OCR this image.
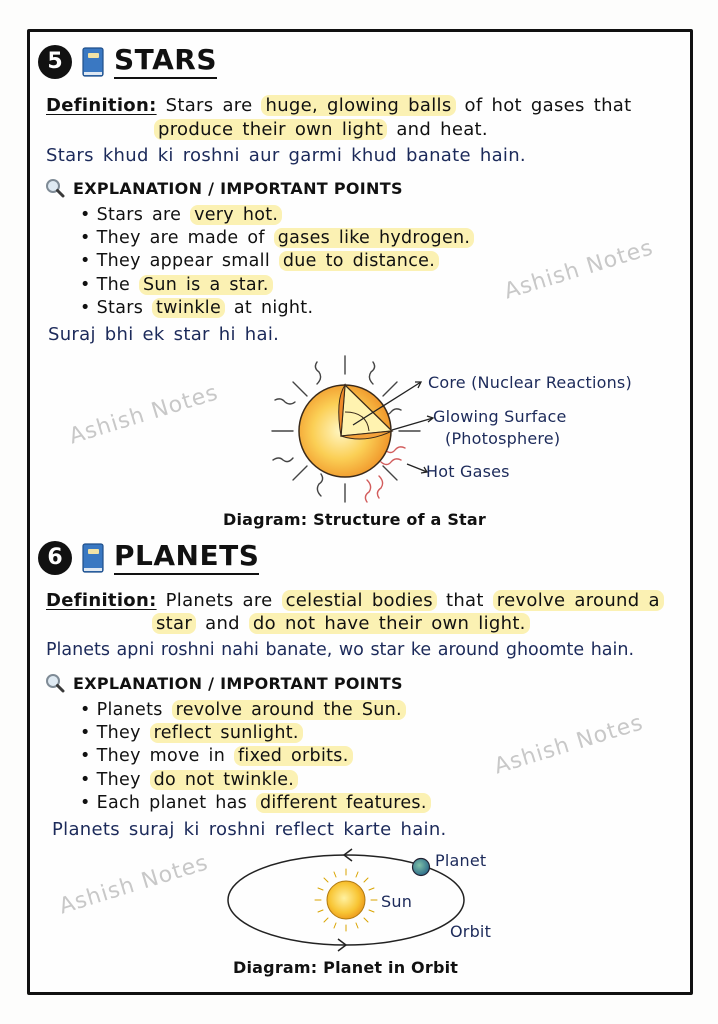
Ashish Notes
Ashish Notes
Ashish Notes
Ashish Notes
5	STARS
Definition: Stars are huge, glowing balls of hot gases that
produce their own light and heat.
Stars khud ki roshni aur garmi khud banate hain.
EXPLANATION / IMPORTANT POINTS
• Stars are very hot.
• They are made of gases like hydrogen.
• They appear small due to distance.
• The Sun is a star.
• Stars twinkle at night.
Suraj bhi ek star hi hai.
Core (Nuclear Reactions)
Glowing Surface
(Photosphere)
Hot Gases
Diagram: Structure of a Star
6	PLANETS
Definition: Planets are celestial bodies that revolve around a
star and do not have their own light.
Planets apni roshni nahi banate, wo star ke around ghoomte hain.
EXPLANATION / IMPORTANT POINTS
• Planets revolve around the Sun.
• They reflect sunlight.
• They move in fixed orbits.
• They do not twinkle.
• Each planet has different features.
Planets suraj ki roshni reflect karte hain.
Planet
Sun
Orbit
Diagram: Planet in Orbit
